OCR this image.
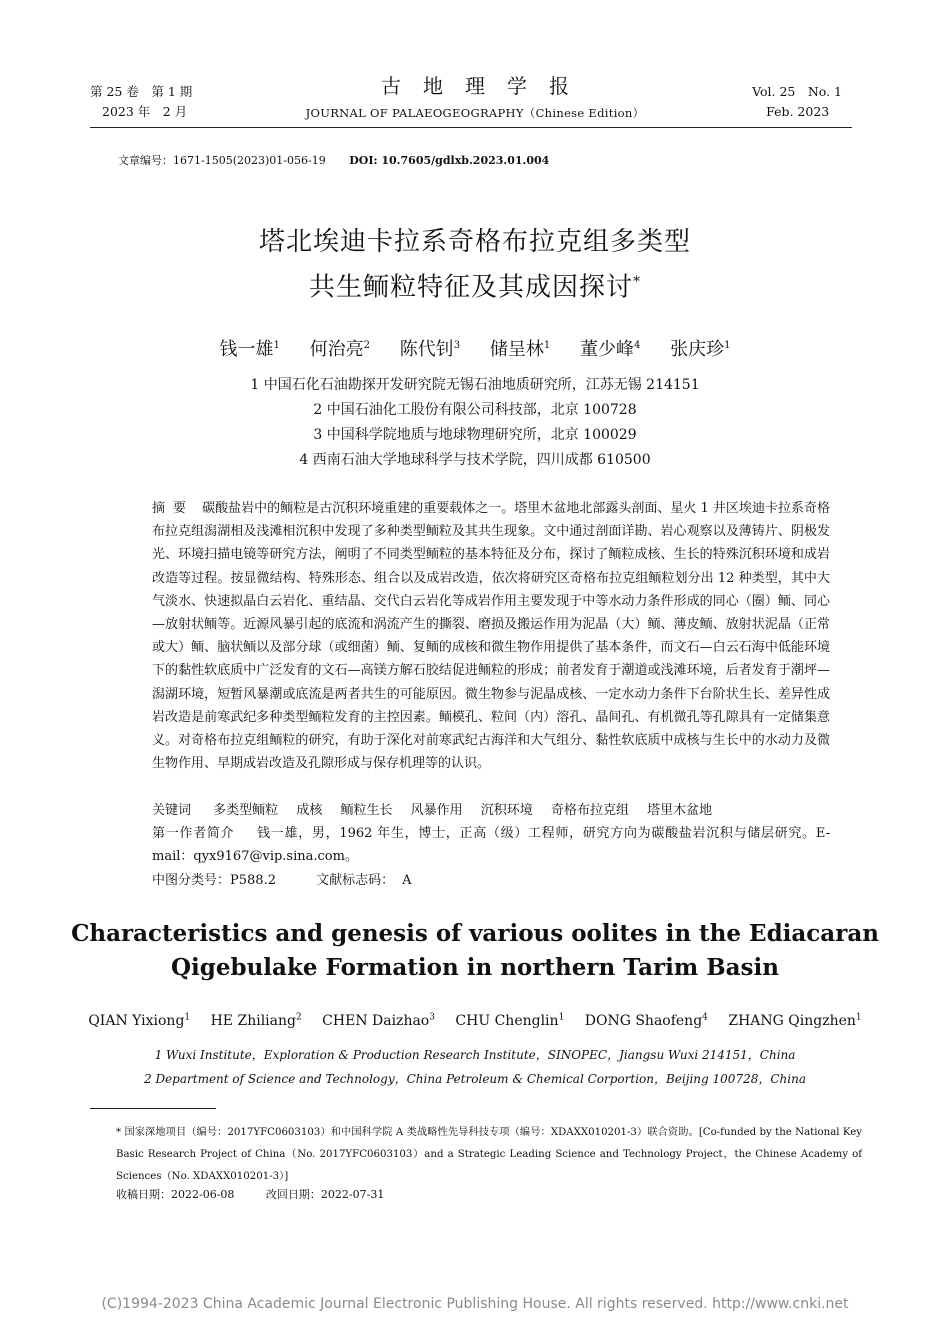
第 25 卷　第 1 期
2023 年　2 月
古地理学报
JOURNAL OF PALAEOGEOGRAPHY（Chinese Edition）
Vol. 25　No. 1
Feb. 2023
文章编号：1671-1505(2023)01-056-19 DOI: 10.7605/gdlxb.2023.01.004
塔北埃迪卡拉系奇格布拉克组多类型
共生鲕粒特征及其成因探讨*
钱一雄$^1$ 何治亮$^2$ 陈代钊$^3$ 储呈林$^1$ 董少峰$^4$ 张庆珍$^1$
1 中国石化石油勘探开发研究院无锡石油地质研究所，江苏无锡 214151
2 中国石油化工股份有限公司科技部，北京 100728
3 中国科学院地质与地球物理研究所，北京 100029
4 西南石油大学地球科学与技术学院，四川成都 610500
摘要 碳酸盐岩中的鲕粒是古沉积环境重建的重要载体之一。塔里木盆地北部露头剖面、星火 1 井区埃迪卡拉系奇格布拉克组潟湖相及浅滩相沉积中发现了多种类型鲕粒及其共生现象。文中通过剖面详勘、岩心观察以及薄铸片、阴极发光、环境扫描电镜等研究方法，阐明了不同类型鲕粒的基本特征及分布，探讨了鲕粒成核、生长的特殊沉积环境和成岩改造等过程。按显微结构、特殊形态、组合以及成岩改造，依次将研究区奇格布拉克组鲕粒划分出 12 种类型，其中大气淡水、快速拟晶白云岩化、重结晶、交代白云岩化等成岩作用主要发现于中等水动力条件形成的同心（圈）鲕、同心—放射状鲕等。近源风暴引起的底流和涡流产生的撕裂、磨损及搬运作用为泥晶（大）鲕、薄皮鲕、放射状泥晶（正常或大）鲕、脑状鲕以及部分球（或细菌）鲕、复鲕的成核和微生物作用提供了基本条件，而文石—白云石海中低能环境下的黏性软底质中广泛发育的文石—高镁方解石胶结促进鲕粒的形成；前者发育于潮道或浅滩环境，后者发育于潮坪—潟湖环境，短暂风暴潮或底流是两者共生的可能原因。微生物参与泥晶成核、一定水动力条件下台阶状生长、差异性成岩改造是前寒武纪多种类型鲕粒发育的主控因素。鲕模孔、粒间（内）溶孔、晶间孔、有机微孔等孔隙具有一定储集意义。对奇格布拉克组鲕粒的研究，有助于深化对前寒武纪古海洋和大气组分、黏性软底质中成核与生长中的水动力及微生物作用、早期成岩改造及孔隙形成与保存机理等的认识。
关键词 多类型鲕粒 成核 鲕粒生长 风暴作用 沉积环境 奇格布拉克组 塔里木盆地
第一作者简介 钱一雄，男，1962 年生，博士，正高（级）工程师，研究方向为碳酸盐岩沉积与储层研究。E-mail：qyx9167@vip.sina.com。
中图分类号：P588.2	文献标志码： A
Characteristics and genesis of various oolites in the Ediacaran
Qigebulake Formation in northern Tarim Basin
QIAN Yixiong$^1$ HE Zhiliang$^2$ CHEN Daizhao$^3$ CHU Chenglin$^1$ DONG Shaofeng$^4$ ZHANG Qingzhen$^1$
1 Wuxi Institute，Exploration & Production Research Institute，SINOPEC，Jiangsu Wuxi 214151，China
2 Department of Science and Technology，China Petroleum & Chemical Corportion，Beijing 100728，China
* 国家深地项目（编号：2017YFC0603103）和中国科学院 A 类战略性先导科技专项（编号：XDAXX010201-3）联合资助。[Co-funded by the National Key Basic Research Project of China（No. 2017YFC0603103）and a Strategic Leading Science and Technology Project，the Chinese Academy of Sciences（No. XDAXX010201-3）]
收稿日期：2022-06-08	改回日期：2022-07-31
(C)1994-2023 China Academic Journal Electronic Publishing House. All rights reserved. http://www.cnki.net
